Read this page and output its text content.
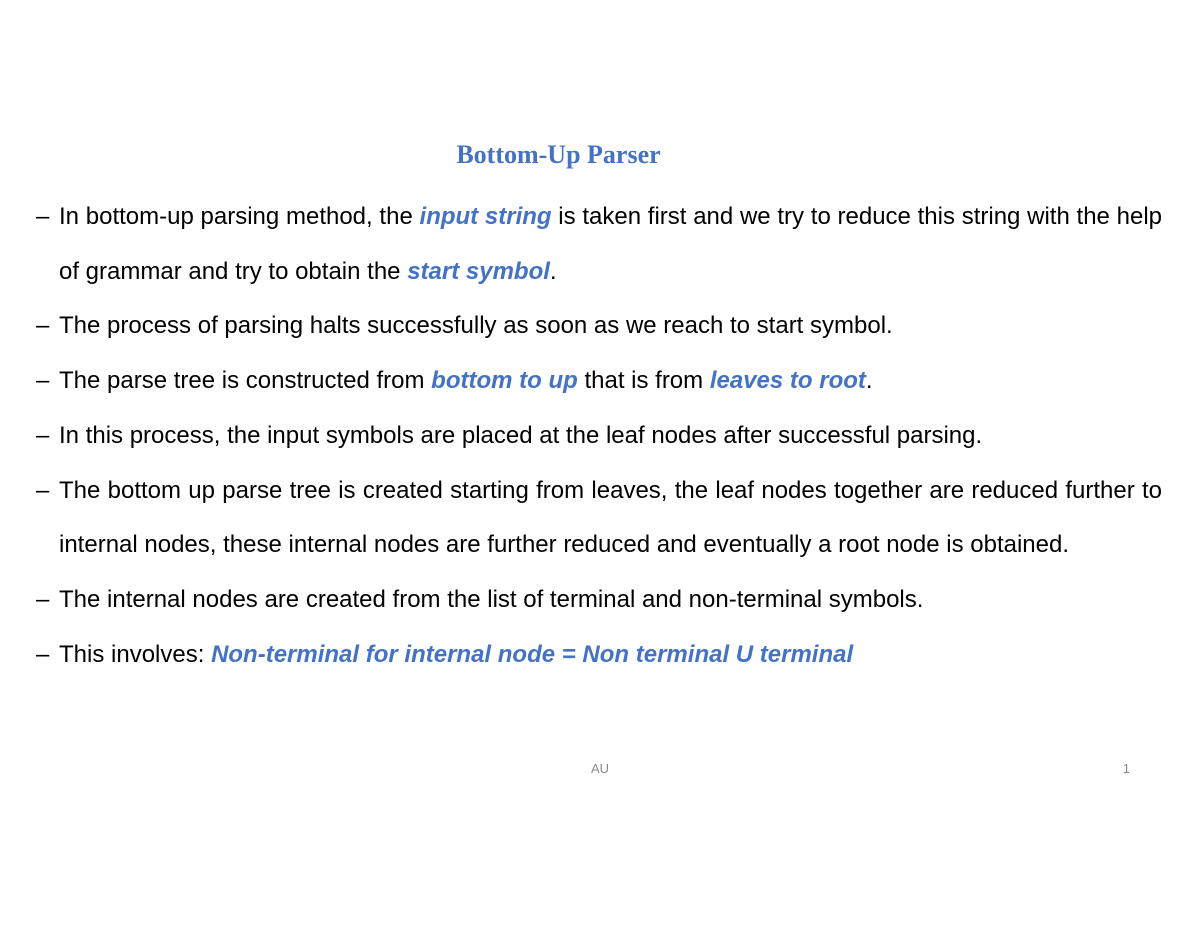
Bottom-Up Parser
– In bottom-up parsing method, the input string is taken first and we try to reduce this string with the help of grammar and try to obtain the start symbol.
– The process of parsing halts successfully as soon as we reach to start symbol.
– The parse tree is constructed from bottom to up that is from leaves to root.
– In this process, the input symbols are placed at the leaf nodes after successful parsing.
– The bottom up parse tree is created starting from leaves, the leaf nodes together are reduced further to internal nodes, these internal nodes are further reduced and eventually a root node is obtained.
– The internal nodes are created from the list of terminal and non-terminal symbols.
– This involves: Non-terminal for internal node = Non terminal U terminal
AU	1
